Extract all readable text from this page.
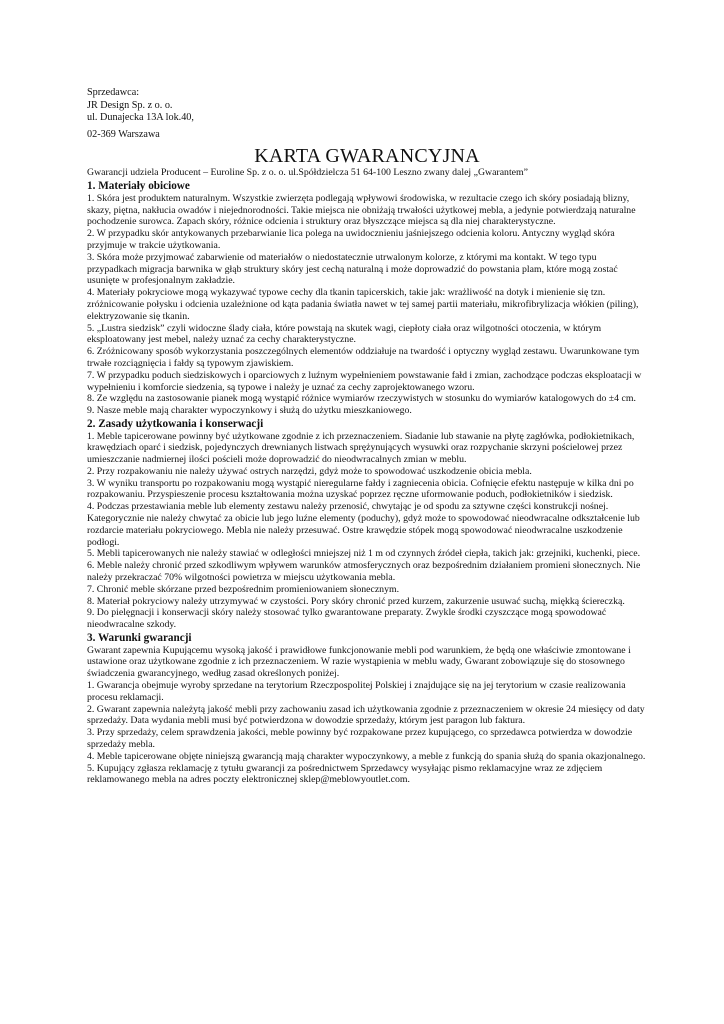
Sprzedawca:
JR Design Sp. z o. o.
ul. Dunajecka 13A lok.40,
02-369 Warszawa
KARTA GWARANCYJNA
Gwarancji udziela Producent – Euroline Sp. z o. o. ul.Spółdzielcza 51 64-100 Leszno zwany dalej „Gwarantem”
1. Materiały obiciowe

1. Skóra jest produktem naturalnym. Wszystkie zwierzęta podlegają wpływowi środowiska, w rezultacie czego ich skóry posiadają blizny, skazy, piętna, nakłucia owadów i niejednorodności. Takie miejsca nie obniżają trwałości użytkowej mebla, a jedynie potwierdzają naturalne pochodzenie surowca. Zapach skóry, różnice odcienia i struktury oraz błyszczące miejsca są dla niej charakterystyczne.

2. W przypadku skór antykowanych przebarwianie lica polega na uwidocznieniu jaśniejszego odcienia koloru. Antyczny wygląd skóra przyjmuje w trakcie użytkowania.

3. Skóra może przyjmować zabarwienie od materiałów o niedostatecznie utrwalonym kolorze, z którymi ma kontakt. W tego typu przypadkach migracja barwnika w głąb struktury skóry jest cechą naturalną i może doprowadzić do powstania plam, które mogą zostać usunięte w profesjonalnym zakładzie.

4. Materiały pokryciowe mogą wykazywać typowe cechy dla tkanin tapicerskich, takie jak: wrażliwość na dotyk i mienienie się tzn. zróżnicowanie połysku i odcienia uzależnione od kąta padania światła nawet w tej samej partii materiału, mikrofibrylizacja włókien (piling), elektryzowanie się tkanin.

5. „Lustra siedzisk” czyli widoczne ślady ciała, które powstają na skutek wagi, ciepłoty ciała oraz wilgotności otoczenia, w którym eksploatowany jest mebel, należy uznać za cechy charakterystyczne.

6. Zróżnicowany sposób wykorzystania poszczególnych elementów oddziałuje na twardość i optyczny wygląd zestawu. Uwarunkowane tym trwałe rozciągnięcia i fałdy są typowym zjawiskiem.

7. W przypadku poduch siedziskowych i oparciowych z luźnym wypełnieniem powstawanie fałd i zmian, zachodzące podczas eksploatacji w wypełnieniu i komforcie siedzenia, są typowe i należy je uznać za cechy zaprojektowanego wzoru.

8. Ze względu na zastosowanie pianek mogą wystąpić różnice wymiarów rzeczywistych w stosunku do wymiarów katalogowych do ±4 cm.

9. Nasze meble mają charakter wypoczynkowy i służą do użytku mieszkaniowego.

2. Zasady użytkowania i konserwacji

1. Meble tapicerowane powinny być użytkowane zgodnie z ich przeznaczeniem. Siadanie lub stawanie na płytę zagłówka, podłokietnikach, krawędziach oparć i siedzisk, pojedynczych drewnianych listwach sprężynujących wysuwki oraz rozpychanie skrzyni pościelowej przez umieszczanie nadmiernej ilości pościeli może doprowadzić do nieodwracalnych zmian w meblu.

2. Przy rozpakowaniu nie należy używać ostrych narzędzi, gdyż może to spowodować uszkodzenie obicia mebla.

3. W wyniku transportu po rozpakowaniu mogą wystąpić nieregularne fałdy i zagniecenia obicia. Cofnięcie efektu następuje w kilka dni po rozpakowaniu. Przyspieszenie procesu kształtowania można uzyskać poprzez ręczne uformowanie poduch, podłokietników i siedzisk.

4. Podczas przestawiania meble lub elementy zestawu należy przenosić, chwytając je od spodu za sztywne części konstrukcji nośnej. Kategorycznie nie należy chwytać za obicie lub jego luźne elementy (poduchy), gdyż może to spowodować nieodwracalne odkształcenie lub rozdarcie materiału pokryciowego. Mebla nie należy przesuwać. Ostre krawędzie stópek mogą spowodować nieodwracalne uszkodzenie podłogi.

5. Mebli tapicerowanych nie należy stawiać w odległości mniejszej niż 1 m od czynnych źródeł ciepła, takich jak: grzejniki, kuchenki, piece.

6. Meble należy chronić przed szkodliwym wpływem warunków atmosferycznych oraz bezpośrednim działaniem promieni słonecznych. Nie należy przekraczać 70% wilgotności powietrza w miejscu użytkowania mebla.

7. Chronić meble skórzane przed bezpośrednim promieniowaniem słonecznym.

8. Materiał pokryciowy należy utrzymywać w czystości. Pory skóry chronić przed kurzem, zakurzenie usuwać suchą, miękką ściereczką.

9. Do pielęgnacji i konserwacji skóry należy stosować tylko gwarantowane preparaty. Zwykle środki czyszczące mogą spowodować nieodwracalne szkody.

3. Warunki gwarancji

Gwarant zapewnia Kupującemu wysoką jakość i prawidłowe funkcjonowanie mebli pod warunkiem, że będą one właściwie zmontowane i ustawione oraz użytkowane zgodnie z ich przeznaczeniem. W razie wystąpienia w meblu wady, Gwarant zobowiązuje się do stosownego świadczenia gwarancyjnego, według zasad określonych poniżej.

1. Gwarancja obejmuje wyroby sprzedane na terytorium Rzeczpospolitej Polskiej i znajdujące się na jej terytorium w czasie realizowania procesu reklamacji.

2. Gwarant zapewnia należytą jakość mebli przy zachowaniu zasad ich użytkowania zgodnie z przeznaczeniem w okresie 24 miesięcy od daty sprzedaży. Data wydania mebli musi być potwierdzona w dowodzie sprzedaży, którym jest paragon lub faktura.

3. Przy sprzedaży, celem sprawdzenia jakości, meble powinny być rozpakowane przez kupującego, co sprzedawca potwierdza w dowodzie sprzedaży mebla.

4. Meble tapicerowane objęte niniejszą gwarancją mają charakter wypoczynkowy, a meble z funkcją do spania służą do spania okazjonalnego.

5. Kupujący zgłasza reklamację z tytułu gwarancji za pośrednictwem Sprzedawcy wysyłając pismo reklamacyjne wraz ze zdjęciem reklamowanego mebla na adres poczty elektronicznej sklep@meblowyoutlet.com.
